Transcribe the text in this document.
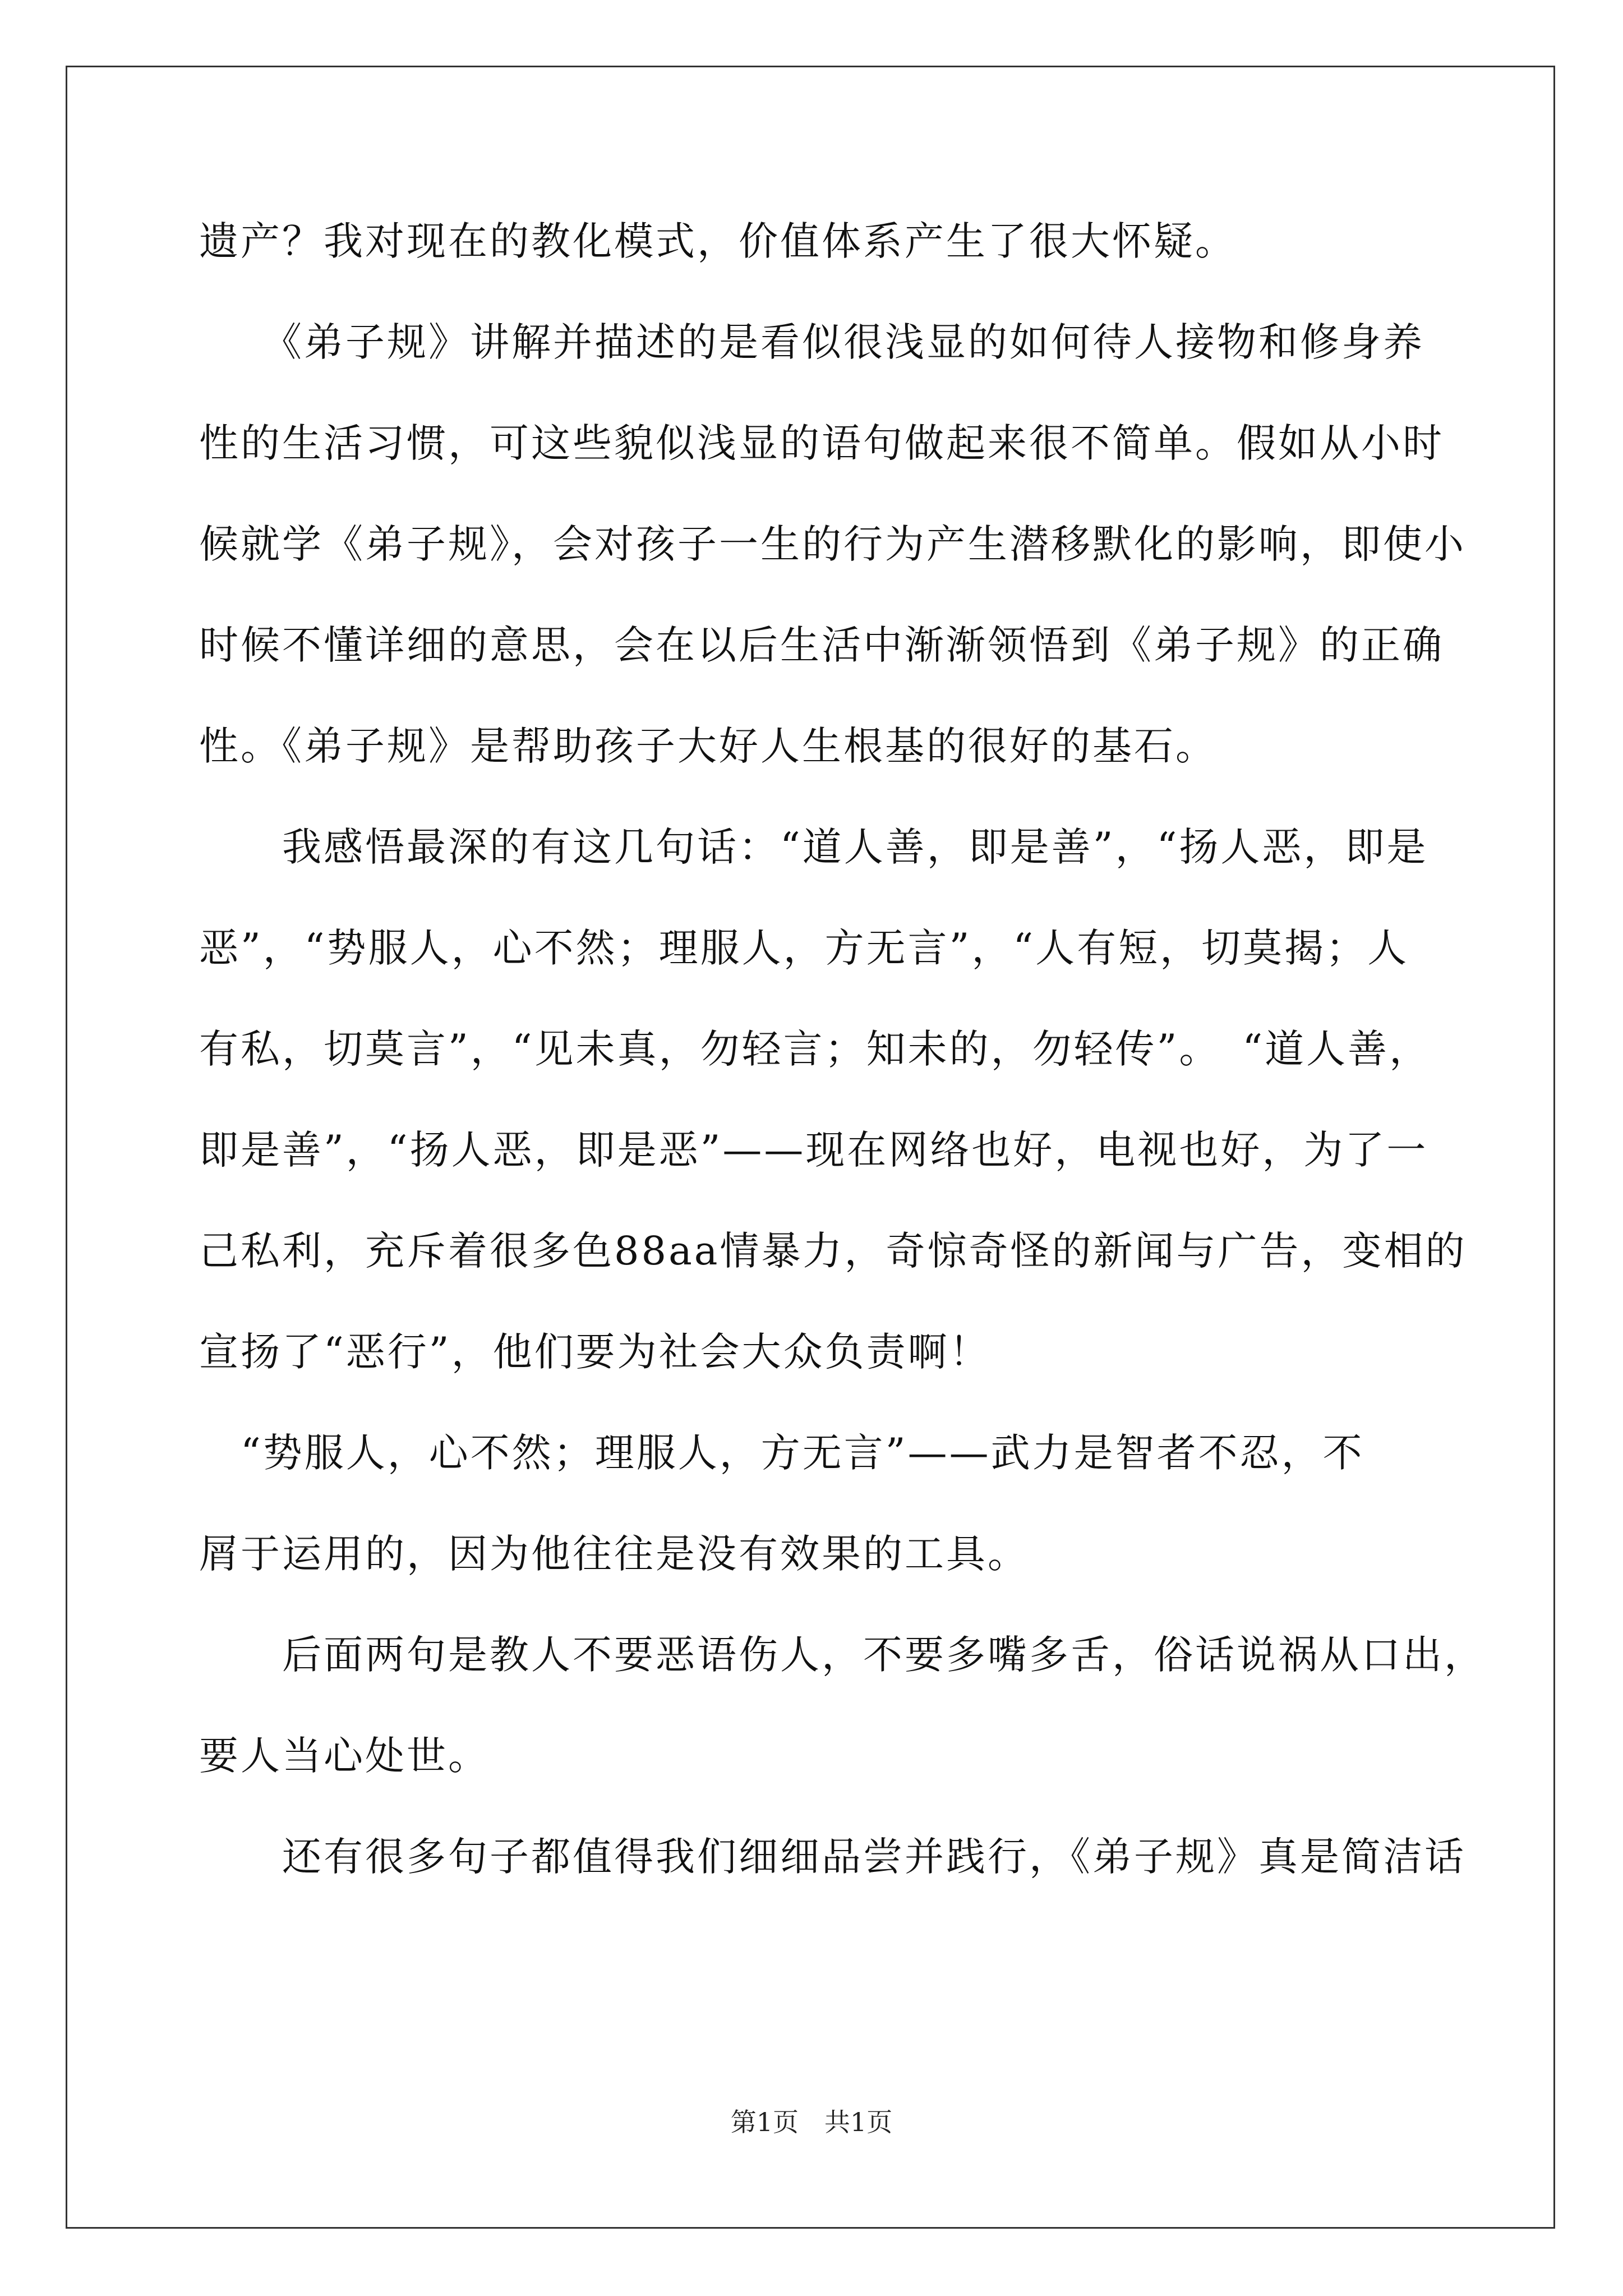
遗产？我对现在的教化模式，价值体系产生了很大怀疑。
　　《弟子规》讲解并描述的是看似很浅显的如何待人接物和修身养
性的生活习惯，可这些貌似浅显的语句做起来很不简单。假如从小时
候就学《弟子规》，会对孩子一生的行为产生潜移默化的影响，即使小
时候不懂详细的意思，会在以后生活中渐渐领悟到《弟子规》的正确
性。《弟子规》是帮助孩子大好人生根基的很好的基石。
　　我感悟最深的有这几句话：“道人善，即是善”，“扬人恶，即是
恶”，“势服人，心不然；理服人，方无言”，“人有短，切莫揭；人
有私，切莫言”，“见未真，勿轻言；知未的，勿轻传”。　“道人善，
即是善”，“扬人恶，即是恶”——现在网络也好，电视也好，为了一
己私利，充斥着很多色88aa情暴力，奇惊奇怪的新闻与广告，变相的
宣扬了“恶行”，他们要为社会大众负责啊！
　“势服人，心不然；理服人，方无言”——武力是智者不忍，不
屑于运用的，因为他往往是没有效果的工具。
　　后面两句是教人不要恶语伤人，不要多嘴多舌，俗话说祸从口出，
要人当心处世。
　　还有很多句子都值得我们细细品尝并践行，《弟子规》真是简洁话
第1页　共1页
